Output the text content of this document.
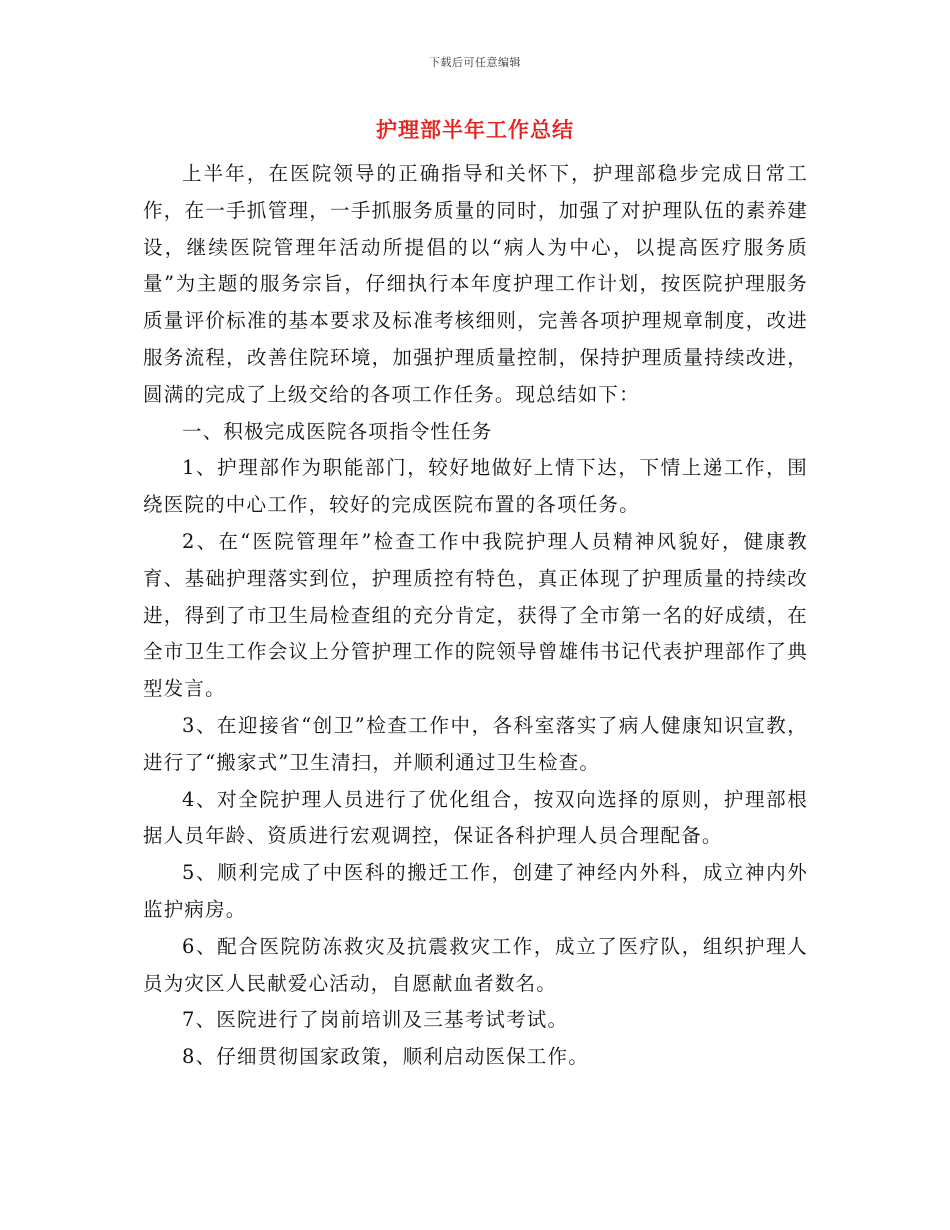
下载后可任意编辑
护理部半年工作总结

上半年，在医院领导的正确指导和关怀下，护理部稳步完成日常工作，在一手抓管理，一手抓服务质量的同时，加强了对护理队伍的素养建设，继续医院管理年活动所提倡的以“病人为中心，以提高医疗服务质量”为主题的服务宗旨，仔细执行本年度护理工作计划，按医院护理服务质量评价标准的基本要求及标准考核细则，完善各项护理规章制度，改进服务流程，改善住院环境，加强护理质量控制，保持护理质量持续改进，圆满的完成了上级交给的各项工作任务。现总结如下：

一、积极完成医院各项指令性任务

1、护理部作为职能部门，较好地做好上情下达，下情上递工作，围绕医院的中心工作，较好的完成医院布置的各项任务。

2、在“医院管理年”检查工作中我院护理人员精神风貌好，健康教育、基础护理落实到位，护理质控有特色，真正体现了护理质量的持续改进，得到了市卫生局检查组的充分肯定，获得了全市第一名的好成绩，在全市卫生工作会议上分管护理工作的院领导曾雄伟书记代表护理部作了典型发言。

3、在迎接省“创卫”检查工作中，各科室落实了病人健康知识宣教，进行了“搬家式”卫生清扫，并顺利通过卫生检查。

4、对全院护理人员进行了优化组合，按双向选择的原则，护理部根据人员年龄、资质进行宏观调控，保证各科护理人员合理配备。

5、顺利完成了中医科的搬迁工作，创建了神经内外科，成立神内外监护病房。

6、配合医院防冻救灾及抗震救灾工作，成立了医疗队，组织护理人员为灾区人民献爱心活动，自愿献血者数名。

7、医院进行了岗前培训及三基考试考试。

8、仔细贯彻国家政策，顺利启动医保工作。
